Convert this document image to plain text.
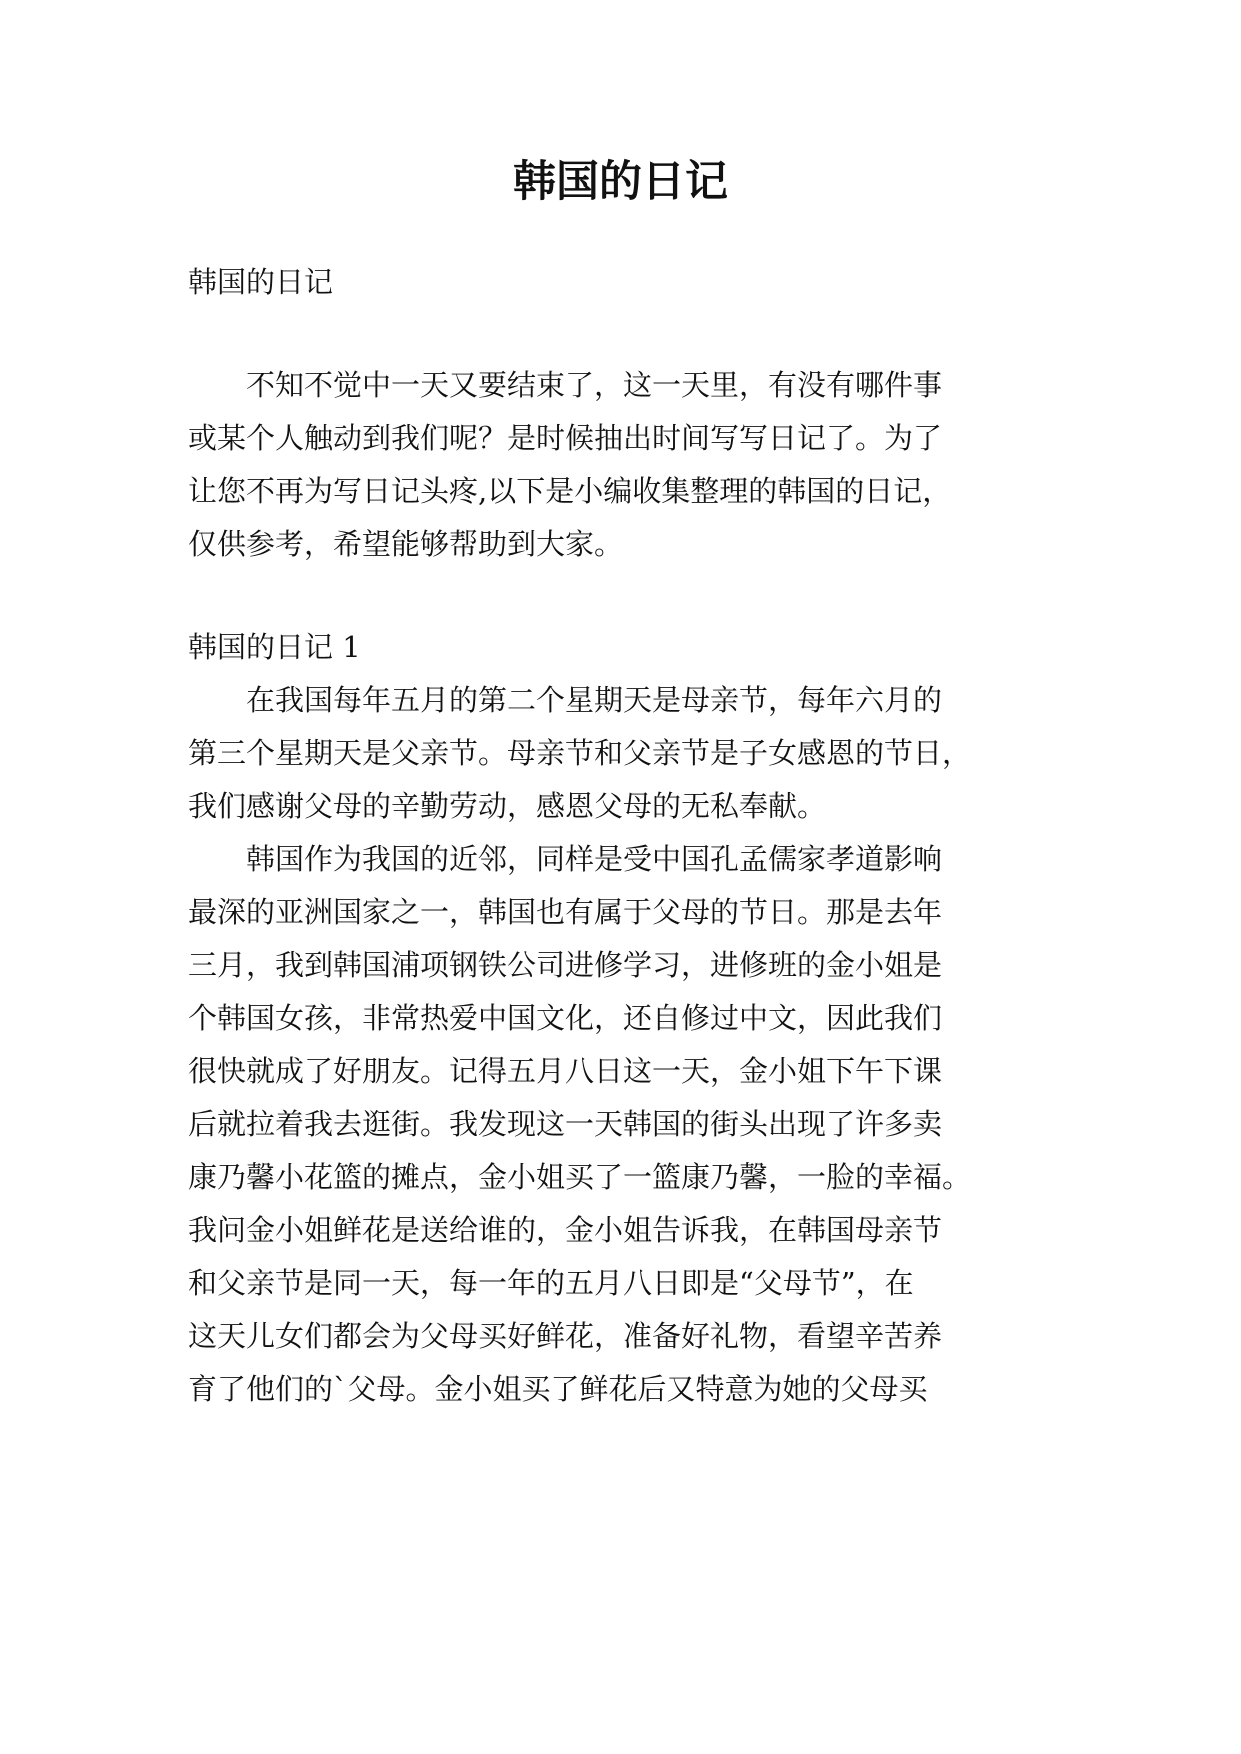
韩国的日记

韩国的日记

　　不知不觉中一天又要结束了，这一天里，有没有哪件事

或某个人触动到我们呢？是时候抽出时间写写日记了。为了

让您不再为写日记头疼,以下是小编收集整理的韩国的日记，

仅供参考，希望能够帮助到大家。

韩国的日记 1

　　在我国每年五月的第二个星期天是母亲节，每年六月的

第三个星期天是父亲节。母亲节和父亲节是子女感恩的节日，

我们感谢父母的辛勤劳动，感恩父母的无私奉献。

　　韩国作为我国的近邻，同样是受中国孔孟儒家孝道影响

最深的亚洲国家之一，韩国也有属于父母的节日。那是去年

三月，我到韩国浦项钢铁公司进修学习，进修班的金小姐是

个韩国女孩，非常热爱中国文化，还自修过中文，因此我们

很快就成了好朋友。记得五月八日这一天，金小姐下午下课

后就拉着我去逛街。我发现这一天韩国的街头出现了许多卖

康乃馨小花篮的摊点，金小姐买了一篮康乃馨，一脸的幸福。

我问金小姐鲜花是送给谁的，金小姐告诉我，在韩国母亲节

和父亲节是同一天，每一年的五月八日即是“父母节”，在

这天儿女们都会为父母买好鲜花，准备好礼物，看望辛苦养

育了他们的`父母。金小姐买了鲜花后又特意为她的父母买
